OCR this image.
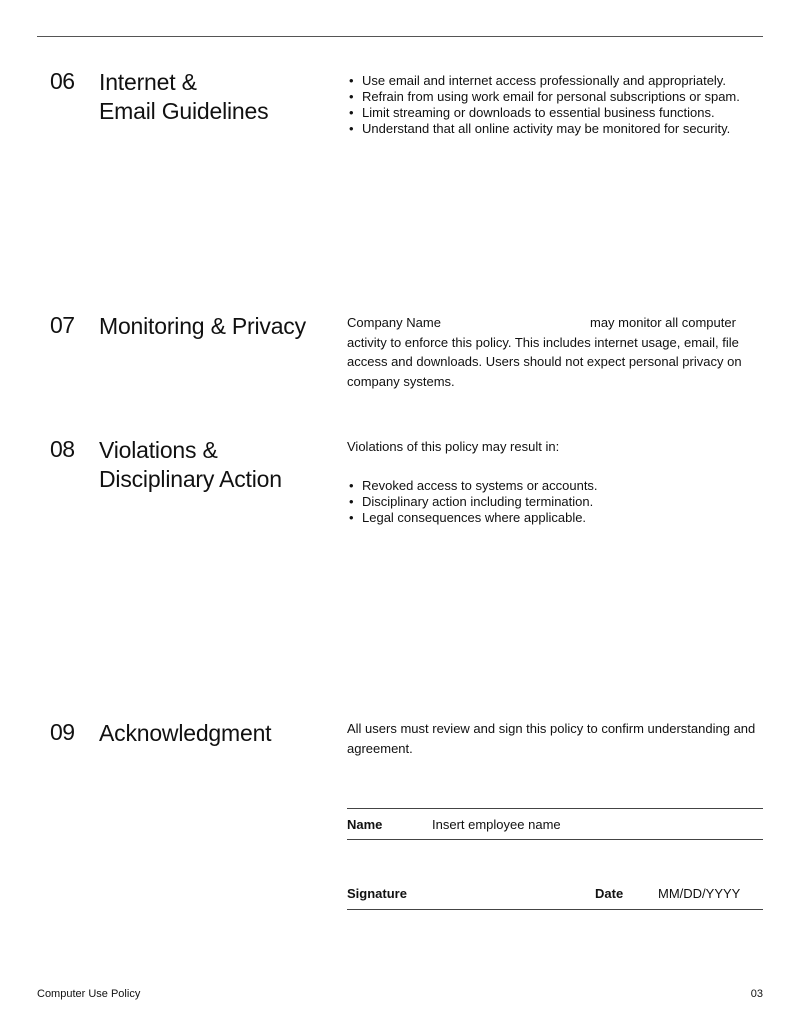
06 Internet &
Email Guidelines
• Use email and internet access professionally and appropriately.
• Refrain from using work email for personal subscriptions or spam.
• Limit streaming or downloads to essential business functions.
• Understand that all online activity may be monitored for security.
07 Monitoring & Privacy	Company Name	may monitor all computer
activity to enforce this policy. This includes internet usage, email, file access and downloads. Users should not expect personal privacy on company systems.
08 Violations &
Disciplinary Action
Violations of this policy may result in:
• Revoked access to systems or accounts.
• Disciplinary action including termination.
• Legal consequences where applicable.
09 Acknowledgment	All users must review and sign this policy to confirm understanding and agreement.
Name	Insert employee name
Signature	Date	MM/DD/YYYY
Computer Use Policy	03
